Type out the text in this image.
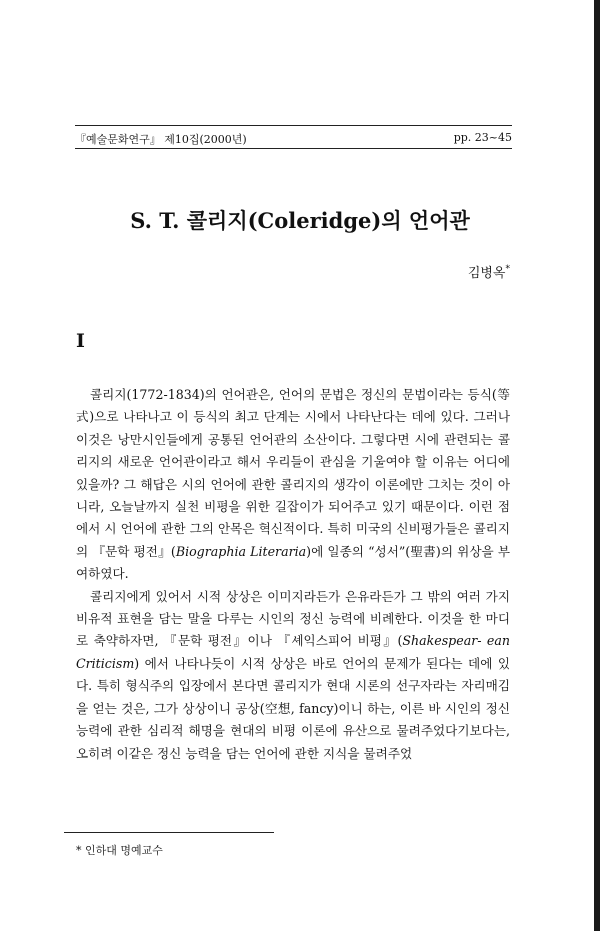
『예술문화연구』 제10집(2000년)	pp. 23~45
S. T. 콜리지(Coleridge)의 언어관
김병옥*
I

콜리지(1772-1834)의 언어관은, 언어의 문법은 정신의 문법이라는 등식(等式)으로 나타나고 이 등식의 최고 단계는 시에서 나타난다는 데에 있다. 그러나 이것은 낭만시인들에게 공통된 언어관의 소산이다. 그렇다면 시에 관련되는 콜리지의 새로운 언어관이라고 해서 우리들이 관심을 기울여야 할 이유는 어디에 있을까? 그 해답은 시의 언어에 관한 콜리지의 생각이 이론에만 그치는 것이 아니라, 오늘날까지 실천 비평을 위한 길잡이가 되어주고 있기 때문이다. 이런 점에서 시 언어에 관한 그의 안목은 혁신적이다. 특히 미국의 신비평가들은 콜리지의 『문학 평전』(Biographia Literaria)에 일종의 “성서”(聖書)의 위상을 부여하였다.

콜리지에게 있어서 시적 상상은 이미지라든가 은유라든가 그 밖의 여러 가지 비유적 표현을 담는 말을 다루는 시인의 정신 능력에 비례한다. 이것을 한 마디로 축약하자면, 『문학 평전』이나 『셰익스피어 비평』(Shakespear- ean Criticism) 에서 나타나듯이 시적 상상은 바로 언어의 문제가 된다는 데에 있다. 특히 형식주의 입장에서 본다면 콜리지가 현대 시론의 선구자라는 자리매김을 얻는 것은, 그가 상상이니 공상(空想, fancy)이니 하는, 이른 바 시인의 정신 능력에 관한 심리적 해명을 현대의 비평 이론에 유산으로 물려주었다기보다는, 오히려 이같은 정신 능력을 담는 언어에 관한 지식을 물려주었

* 인하대 명예교수
